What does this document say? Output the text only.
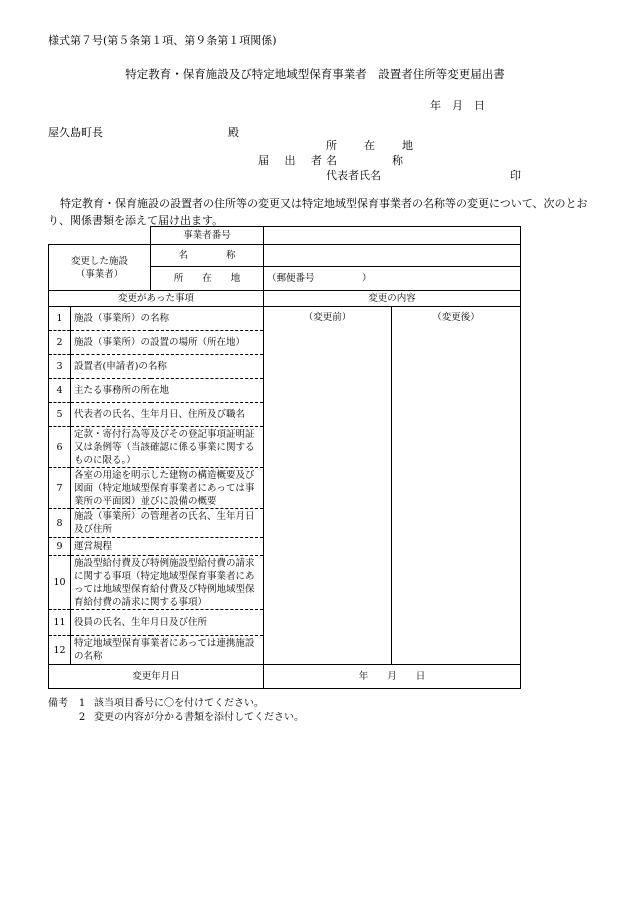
様式第７号(第５条第１項、第９条第１項関係)
特定教育・保育施設及び特定地域型保育事業者　設置者住所等変更届出書
年　月　日
屋久島町長	殿
所　在　地
届 出 者
名　称
代表者氏名	印
特定教育・保育施設の設置者の住所等の変更又は特定地域型保育事業者の名称等の変更について、次のとおり、関係書類を添えて届け出ます。
		事業者番号		

変更した施設
（事業者）		名　　　　称		
		所　　在　　地	（郵便番号　　　　　）	
変更があった事項			変更の内容	
1	施設（事業所）の名称		（変更前）	（変更後）
2	施設（事業所）の設置の場所（所在地）			
3	設置者(申請者)の名称			
4	主たる事務所の所在地			
5	代表者の氏名、生年月日、住所及び職名			
6	定款・寄付行為等及びその登記事項証明証又は条例等（当該確認に係る事業に関するものに限る。）			
7	各室の用途を明示した建物の構造概要及び図面（特定地域型保育事業者にあっては事業所の平面図）並びに設備の概要			
8	施設（事業所）の管理者の氏名、生年月日及び住所			
9	運営規程			
10	施設型給付費及び特例施設型給付費の請求に関する事項（特定地域型保育事業者にあっては地域型保育給付費及び特例地域型保育給付費の請求に関する事項）			
11	役員の氏名、生年月日及び住所			
12	特定地域型保育事業者にあっては連携施設の名称			
変更年月日			年　　月　　日	
備考 1 該当項目番号に〇を付けてください。
2 変更の内容が分かる書類を添付してください。
